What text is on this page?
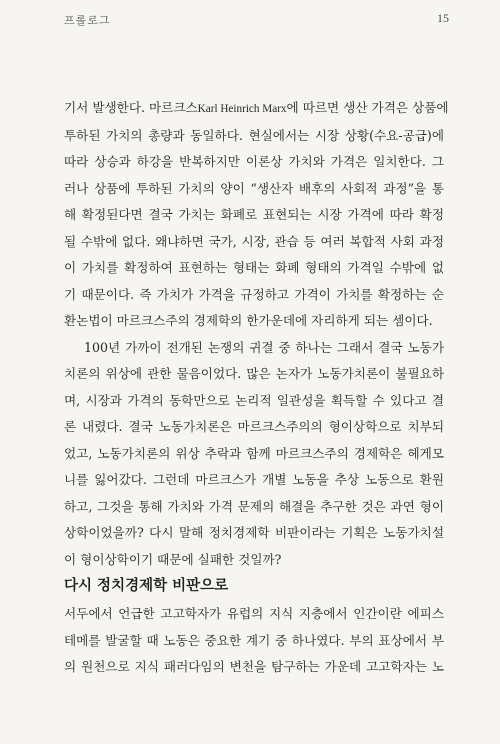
프롤로그	15

기서 발생한다. 마르크스Karl Heinrich Marx에 따르면 생산 가격은 상품에
투하된 가치의 총량과 동일하다. 현실에서는 시장 상황(수요-공급)에
따라 상승과 하강을 반복하지만 이론상 가치와 가격은 일치한다. 그
러나 상품에 투하된 가치의 양이 “생산자 배후의 사회적 과정”을 통
해 확정된다면 결국 가치는 화폐로 표현되는 시장 가격에 따라 확정
될 수밖에 없다. 왜냐하면 국가, 시장, 관습 등 여러 복합적 사회 과정
이 가치를 확정하여 표현하는 형태는 화폐 형태의 가격일 수밖에 없
기 때문이다. 즉 가치가 가격을 규정하고 가격이 가치를 확정하는 순
환논법이 마르크스주의 경제학의 한가운데에 자리하게 되는 셈이다.

100년 가까이 전개된 논쟁의 귀결 중 하나는 그래서 결국 노동가
치론의 위상에 관한 물음이었다. 많은 논자가 노동가치론이 불필요하
며, 시장과 가격의 동학만으로 논리적 일관성을 획득할 수 있다고 결
론 내렸다. 결국 노동가치론은 마르크스주의의 형이상학으로 치부되
었고, 노동가치론의 위상 추락과 함께 마르크스주의 경제학은 헤게모
니를 잃어갔다. 그런데 마르크스가 개별 노동을 추상 노동으로 환원
하고, 그것을 통해 가치와 가격 문제의 해결을 추구한 것은 과연 형이
상학이었을까? 다시 말해 정치경제학 비판이라는 기획은 노동가치설
이 형이상학이기 때문에 실패한 것일까?

다시 정치경제학 비판으로

서두에서 언급한 고고학자가 유럽의 지식 지층에서 인간이란 에피스
테메를 발굴할 때 노동은 중요한 계기 중 하나였다. 부의 표상에서 부
의 원천으로 지식 패러다임의 변천을 탐구하는 가운데 고고학자는 노
